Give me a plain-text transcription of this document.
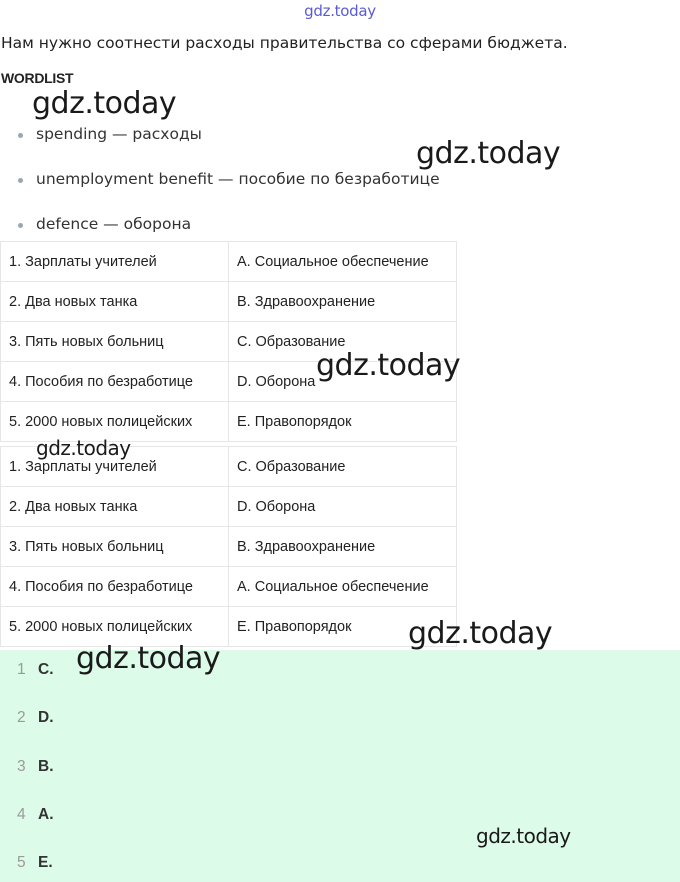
gdz.today
Нам нужно соотнести расходы правительства со сферами бюджета.
WORDLIST
spending — расходы
unemployment benefit — пособие по безработице
defence — оборона
1. Зарплаты учителей	A. Социальное обеспечение
2. Два новых танка	B. Здравоохранение
3. Пять новых больниц	C. Образование
4. Пособия по безработице	D. Оборона
5. 2000 новых полицейских	E. Правопорядок
1. Зарплаты учителей	C. Образование
2. Два новых танка	D. Оборона
3. Пять новых больниц	B. Здравоохранение
4. Пособия по безработице	A. Социальное обеспечение
5. 2000 новых полицейских	E. Правопорядок
1 C.
2 D.
3 B.
4 A.
5 E.
gdz.today
gdz.today
gdz.today
gdz.today
gdz.today
gdz.today
gdz.today
